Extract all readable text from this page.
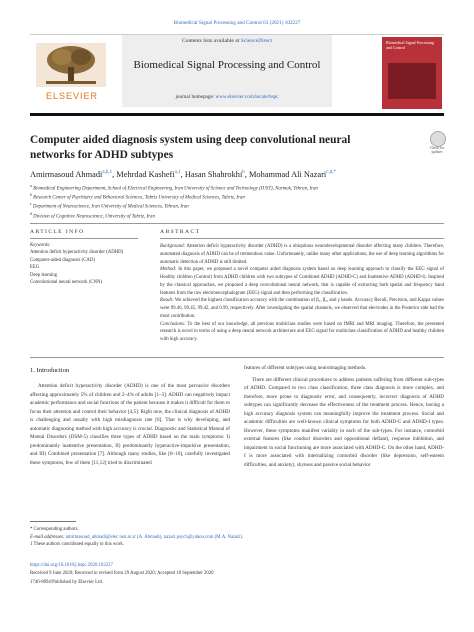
Biomedical Signal Processing and Control 63 (2021) 102227
ELSEVIER
Contents lists available at ScienceDirect
Biomedical Signal Processing and Control
journal homepage: www.elsevier.com/locate/bspc
Biomedical Signal Processing and Control
Computer aided diagnosis system using deep convolutional neural networks for ADHD subtypes
Check for updates
Amirmasoud Ahmadi$^{a,b,1}$, Mehrdad Kashefi$^{a,1}$, Hasan Shahrokhi$^b$, Mohammad Ali Nazari$^{c,d,*}$
$^a$ Biomedical Engineering Department, School of Electrical Engineering, Iran University of Science and Technology (IUST), Narmak, Tehran, Iran
$^b$ Research Center of Psychiatry and Behavioral Sciences, Tabriz University of Medical Sciences, Tabriz, Iran
$^c$ Department of Neuroscience, Iran University of Medical Sciences, Tehran, Iran
$^d$ Division of Cognitive Neuroscience, University of Tabriz, Iran
ARTICLE INFO
Keywords:
Attention deficit hyperactivity disorder (ADHD)
Computer-aided diagnosis (CAD)
EEG
Deep learning
Convolutional neural network (CNN)
ABSTRACT

Background: Attention deficit hyperactivity disorder (ADHD) is a ubiquitous neurodevelopmental disorder affecting many children. Therefore, automated diagnosis of ADHD can be of tremendous value. Unfortunately, unlike many other applications, the use of deep learning algorithms for automatic detection of ADHD is still limited.

Method: In this paper, we proposed a novel computer aided diagnosis system based on deep learning approach to classify the EEG signal of Healthy children (Control) from ADHD children with two subtypes of Combined ADHD (ADHD-C) and Inattentive ADHD (ADHD-I). Inspired by the classical approaches, we proposed a deep convolutional neural network, that is capable of extracting both spatial and frequency band features from the raw electroencephalogram (EEG) signal and then performing the classification.

Result: We achieved the highest classification accuracy with the combination of β₁, β₂, and γ bands. Accuracy Recall, Precision, and Kappa values were 99.46, 99.45, 99.42, and 0.99, respectively. After investigating the spatial channels, we observed that electrodes in the Posterior side had the most contribution.

Conclusions: To the best of our knowledge, all previous multiclass studies were based on fMRI and MRI imaging. Therefore, the presented research is novel in terms of using a deep neural network architecture and EEG signal for multiclass classification of ADHD and healthy children with high accuracy.

1. Introduction

Attention deficit hyperactivity disorder (ADHD) is one of the most pervasive disorders affecting approximately 5% of children and 2–4% of adults [1–3]. ADHD can negatively impact academic performance and social functions of the patient because it makes it difficult for them to focus their attention and control their behavior [4,5]. Right now, the clinical diagnosis of ADHD is challenging and usually with high misdiagnosis rate [6]. That is why developing, and automatic diagnosing method with high accuracy is crucial. Diagnostic and Statistical Manual of Mental Disorders (DSM-5) classifies three types of ADHD based on the main symptoms: I) predominantly inattentive presentation, II) predominantly hyperactive-impulsive presentation, and III) Combined presentation [7]. Although many studies, like [8–10], carefully investigated these symptoms, few of them [11,12] tried to discriminated

features of different subtypes using neuroimaging methods.

There are different clinical procedures to address patients suffering from different sub-types of ADHD. Compared to two class classification, three class diagnosis is more complex, and therefore, more prone to diagnostic error, and consequently, incorrect diagnosis of ADHD subtypes can significantly decrease the effectiveness of the treatment process. Hence, having a high accuracy diagnosis system can meaningfully improve the treatment process. Social and academic difficulties are well-known clinical symptoms for both ADHD-C and ADHD-I types. However, these symptoms manifest variably in each of the sub-types. For instance, comorbid external features (like conduct disorders and oppositional defiant), response inhibition, and impairment in social functioning are more associated with ADHD-C. On the other hand, ADHD-I is more associated with internalizing comorbid disorder (like depression, self-esteem difficulties, and anxiety), shyness and passive social behavior

* Corresponding authors.
E-mail addresses: amirmasoud_ahmadi@elec.iust.ac.ir (A. Ahmadi), nazari.psych@yahoo.com (M.A. Nazari).
1 These authors contributed equally to this work.
https://doi.org/10.1016/j.bspc.2020.102227
Received 9 June 2020; Received in revised form 29 August 2020; Accepted 18 September 2020
1746-8094/Published by Elsevier Ltd.
